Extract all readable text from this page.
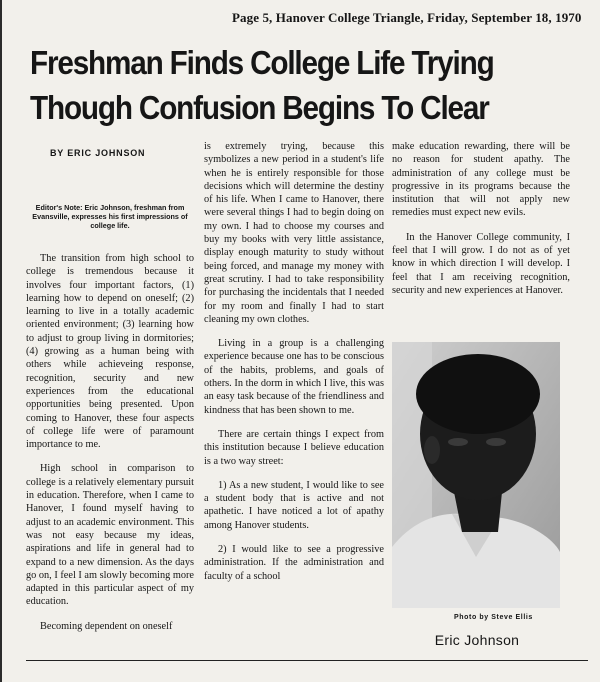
Page 5, Hanover College Triangle, Friday, September 18, 1970
Freshman Finds College Life Trying
Though Confusion Begins To Clear
BY ERIC JOHNSON
Editor's Note: Eric Johnson, freshman from Evansville, expresses his first impressions of college life.

The transition from high school to college is tremendous because it involves four important factors, (1) learning how to depend on oneself; (2) learning to live in a totally academic oriented environment; (3) learning how to adjust to group living in dormitories; (4) growing as a human being with others while achieveing response, recognition, security and new experiences from the educational opportunities being presented. Upon coming to Hanover, these four aspects of college life were of paramount importance to me.

High school in comparison to college is a relatively elementary pursuit in education. Therefore, when I came to Hanover, I found myself having to adjust to an academic environment. This was not easy because my ideas, aspirations and life in general had to expand to a new dimension. As the days go on, I feel I am slowly becoming more adapted in this particular aspect of my education.

Becoming dependent on oneself

is extremely trying, because this symbolizes a new period in a student's life when he is entirely responsible for those decisions which will determine the destiny of his life. When I came to Hanover, there were several things I had to begin doing on my own. I had to choose my courses and buy my books with very little assistance, display enough maturity to study without being forced, and manage my money with great scrutiny. I had to take responsibility for purchasing the incidentals that I needed for my room and finally I had to start cleaning my own clothes.

Living in a group is a challenging experience because one has to be conscious of the habits, problems, and goals of others. In the dorm in which I live, this was an easy task because of the friendliness and kindness that has been shown to me.

There are certain things I expect from this institution because I believe education is a two way street:

1) As a new student, I would like to see a student body that is active and not apathetic. I have noticed a lot of apathy among Hanover students.

2) I would like to see a progressive administration. If the administration and faculty of a school

make education rewarding, there will be no reason for student apathy. The administration of any college must be progressive in its programs because the institution that will not apply new remedies must expect new evils.

In the Hanover College community, I feel that I will grow. I do not as of yet know in which direction I will develop. I feel that I am receiving recognition, security and new experiences at Hanover.

Photo by Steve Ellis
Eric Johnson
